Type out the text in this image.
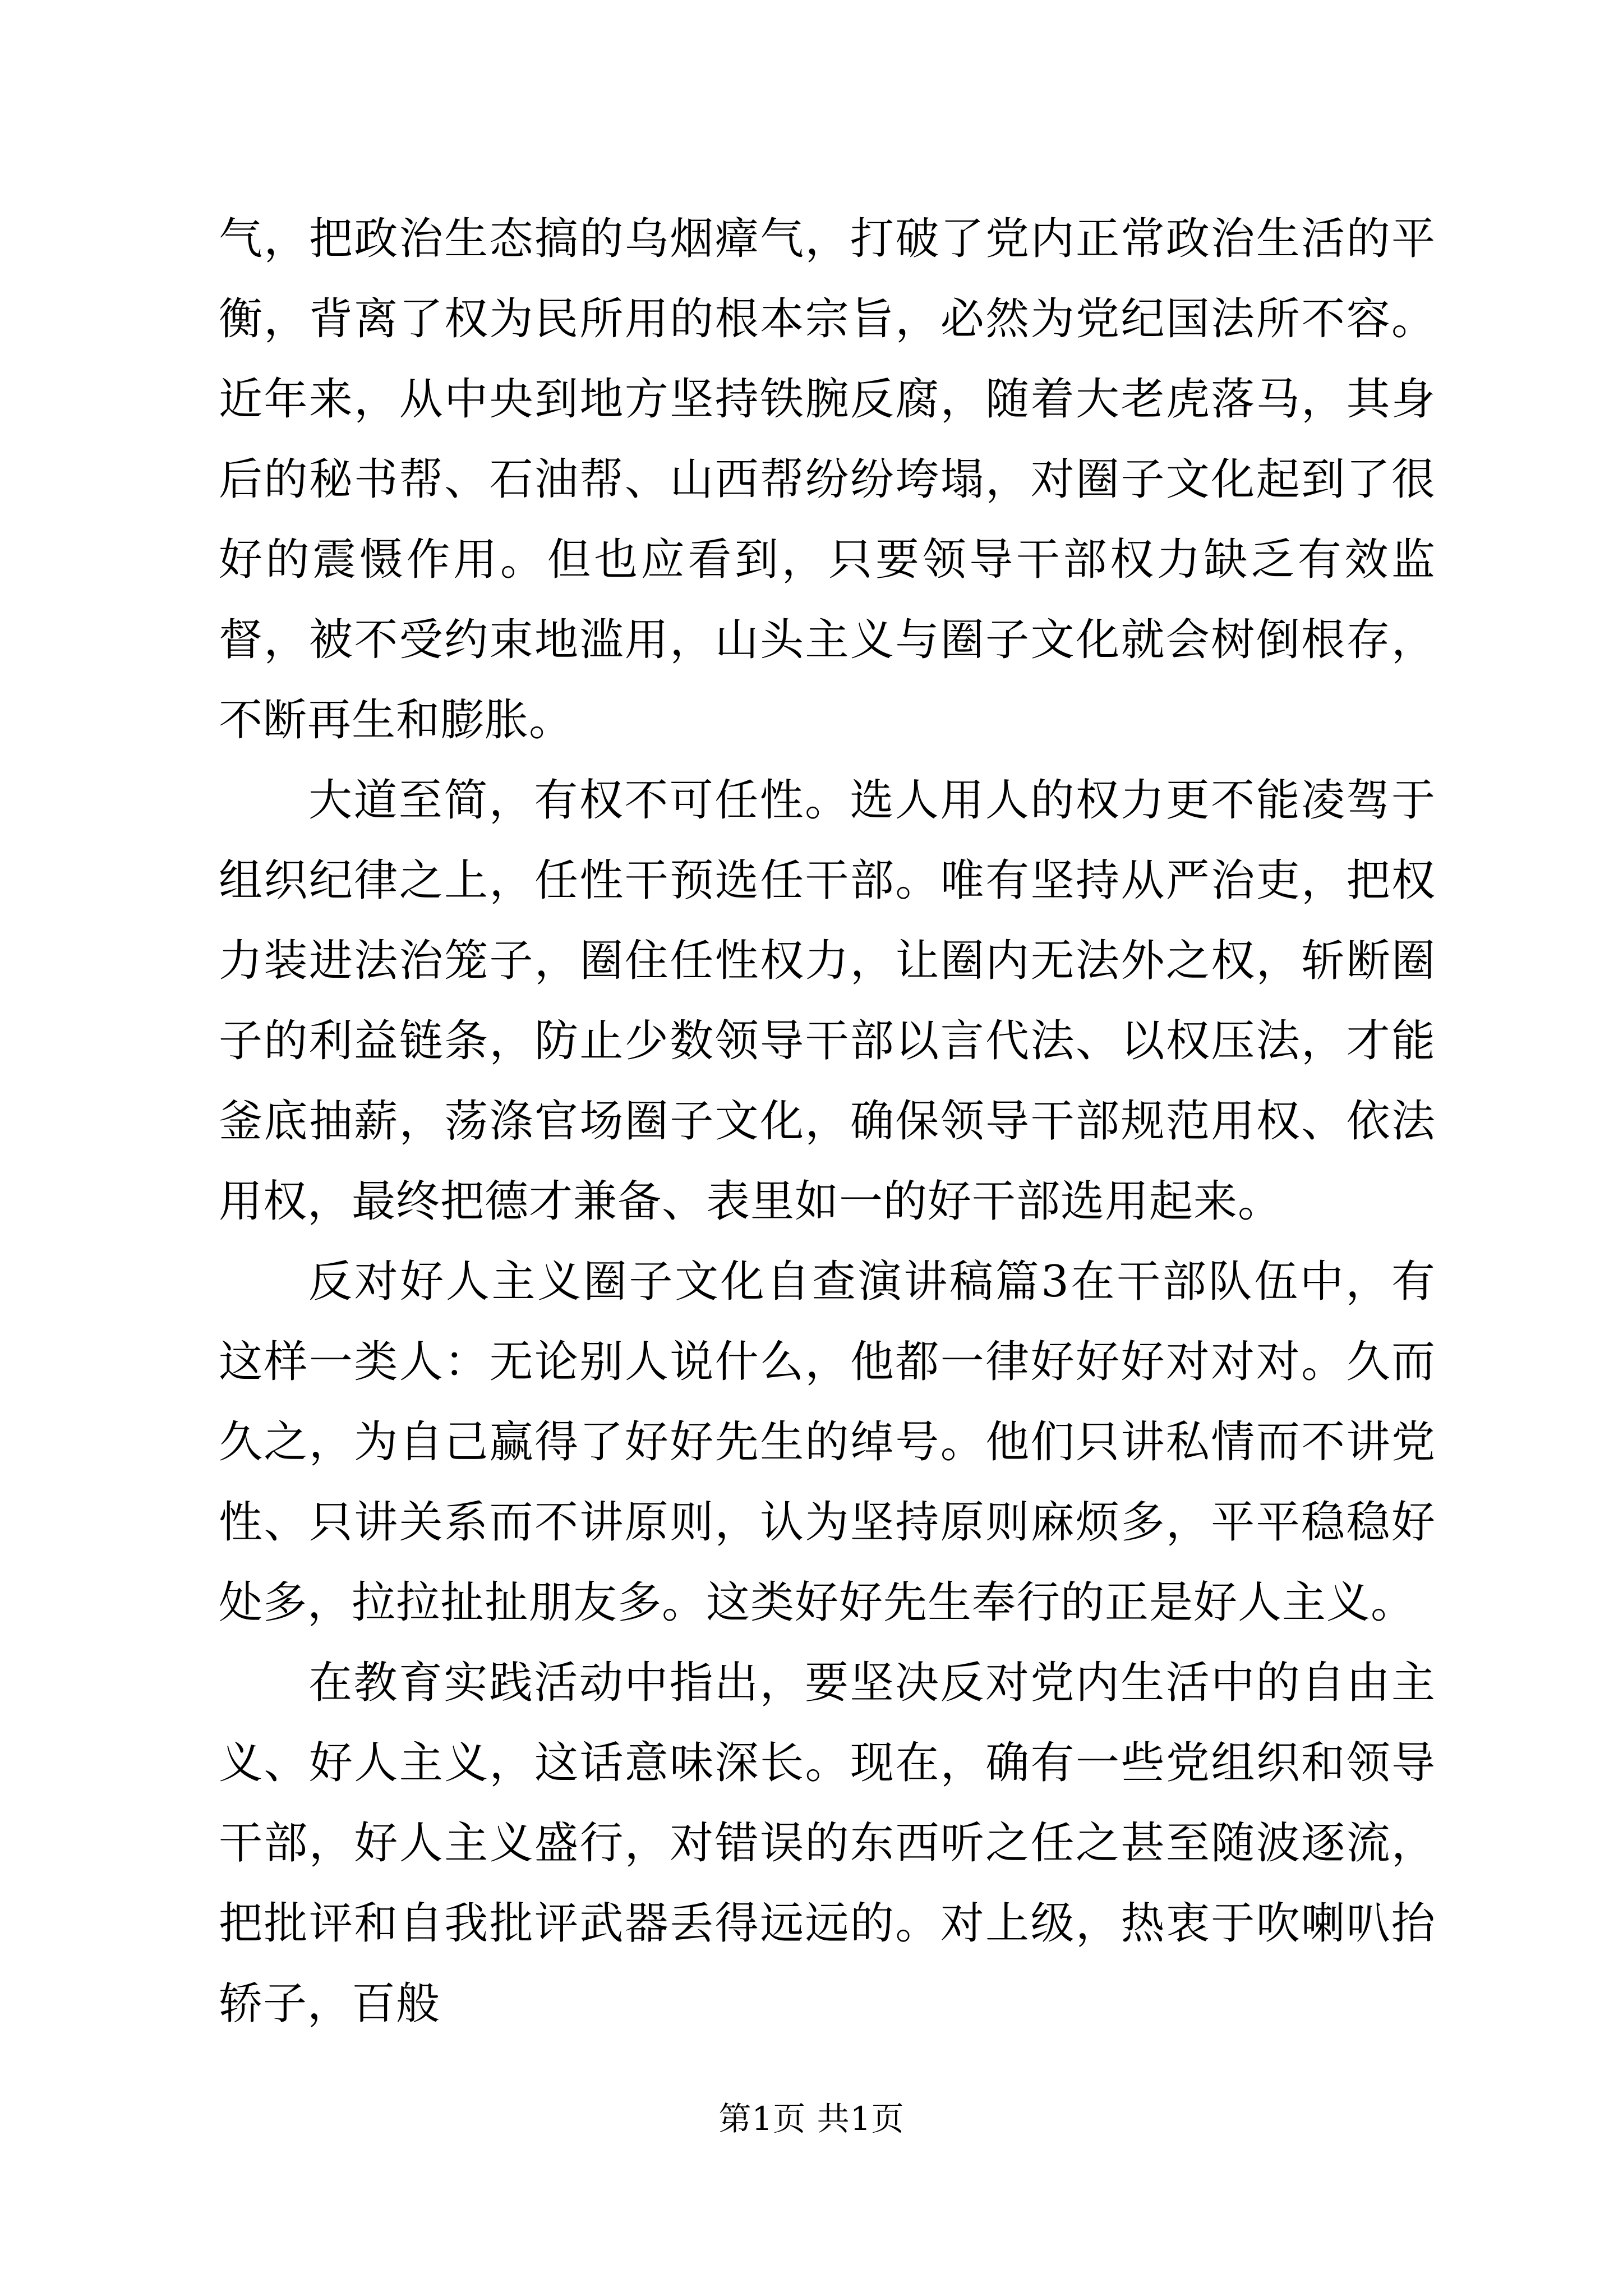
气，把政治生态搞的乌烟瘴气，打破了党内正常政治生活的平衡，背离了权为民所用的根本宗旨，必然为党纪国法所不容。近年来，从中央到地方坚持铁腕反腐，随着大老虎落马，其身后的秘书帮、石油帮、山西帮纷纷垮塌，对圈子文化起到了很好的震慑作用。但也应看到，只要领导干部权力缺乏有效监督，被不受约束地滥用，山头主义与圈子文化就会树倒根存，不断再生和膨胀。

大道至简，有权不可任性。选人用人的权力更不能凌驾于组织纪律之上，任性干预选任干部。唯有坚持从严治吏，把权力装进法治笼子，圈住任性权力，让圈内无法外之权，斩断圈子的利益链条，防止少数领导干部以言代法、以权压法，才能釜底抽薪，荡涤官场圈子文化，确保领导干部规范用权、依法用权，最终把德才兼备、表里如一的好干部选用起来。

反对好人主义圈子文化自查演讲稿篇3在干部队伍中，有这样一类人：无论别人说什么，他都一律好好好对对对。久而久之，为自己赢得了好好先生的绰号。他们只讲私情而不讲党性、只讲关系而不讲原则，认为坚持原则麻烦多，平平稳稳好处多，拉拉扯扯朋友多。这类好好先生奉行的正是好人主义。

在教育实践活动中指出，要坚决反对党内生活中的自由主义、好人主义，这话意味深长。现在，确有一些党组织和领导干部，好人主义盛行，对错误的东西听之任之甚至随波逐流，把批评和自我批评武器丢得远远的。对上级，热衷于吹喇叭抬轿子，百般

第1页 共1页
